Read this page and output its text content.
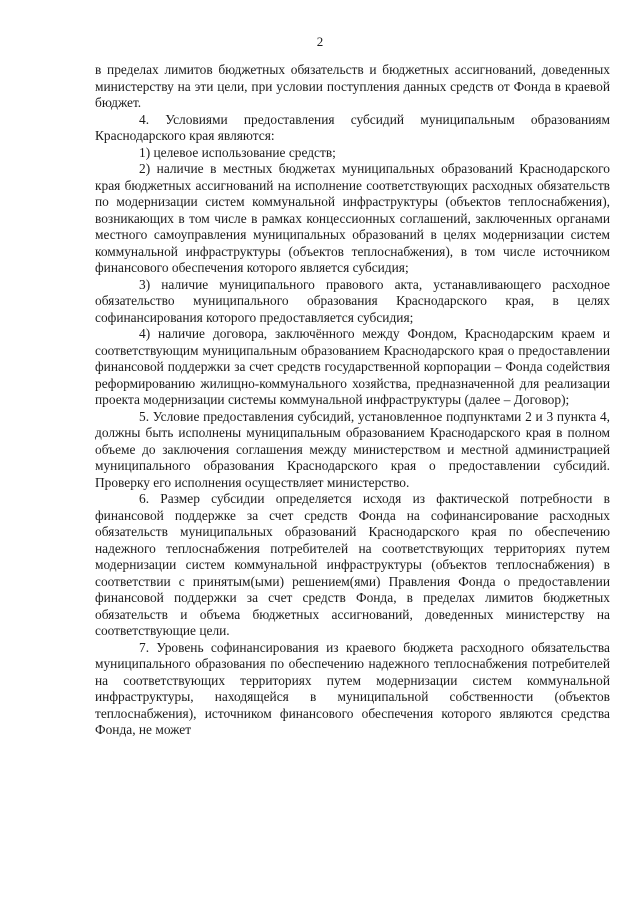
2

в пределах лимитов бюджетных обязательств и бюджетных ассигнований, доведенных министерству на эти цели, при условии поступления данных средств от Фонда в краевой бюджет.

4. Условиями предоставления субсидий муниципальным образованиям Краснодарского края являются:

1) целевое использование средств;

2) наличие в местных бюджетах муниципальных образований Краснодарского края бюджетных ассигнований на исполнение соответствующих расходных обязательств по модернизации систем коммунальной инфраструктуры (объектов теплоснабжения), возникающих в том числе в рамках концессионных соглашений, заключенных органами местного самоуправления муниципальных образований в целях модернизации систем коммунальной инфраструктуры (объектов теплоснабжения), в том числе источником финансового обеспечения которого является субсидия;

3) наличие муниципального правового акта, устанавливающего расходное обязательство муниципального образования Краснодарского края, в целях софинансирования которого предоставляется субсидия;

4) наличие договора, заключённого между Фондом, Краснодарским краем и соответствующим муниципальным образованием Краснодарского края о предоставлении финансовой поддержки за счет средств государственной корпорации – Фонда содействия реформированию жилищно-коммунального хозяйства, предназначенной для реализации проекта модернизации системы коммунальной инфраструктуры (далее – Договор);

5. Условие предоставления субсидий, установленное подпунктами 2 и 3 пункта 4, должны быть исполнены муниципальным образованием Краснодарского края в полном объеме до заключения соглашения между министерством и местной администрацией муниципального образования Краснодарского края о предоставлении субсидий. Проверку его исполнения осуществляет министерство.

6. Размер субсидии определяется исходя из фактической потребности в финансовой поддержке за счет средств Фонда на софинансирование расходных обязательств муниципальных образований Краснодарского края по обеспечению надежного теплоснабжения потребителей на соответствующих территориях путем модернизации систем коммунальной инфраструктуры (объектов теплоснабжения) в соответствии с принятым(ыми) решением(ями) Правления Фонда о предоставлении финансовой поддержки за счет средств Фонда, в пределах лимитов бюджетных обязательств и объема бюджетных ассигнований, доведенных министерству на соответствующие цели.

7. Уровень софинансирования из краевого бюджета расходного обязательства муниципального образования по обеспечению надежного теплоснабжения потребителей на соответствующих территориях путем модернизации систем коммунальной инфраструктуры, находящейся в муниципальной собственности (объектов теплоснабжения), источником финансового обеспечения которого являются средства Фонда, не может
